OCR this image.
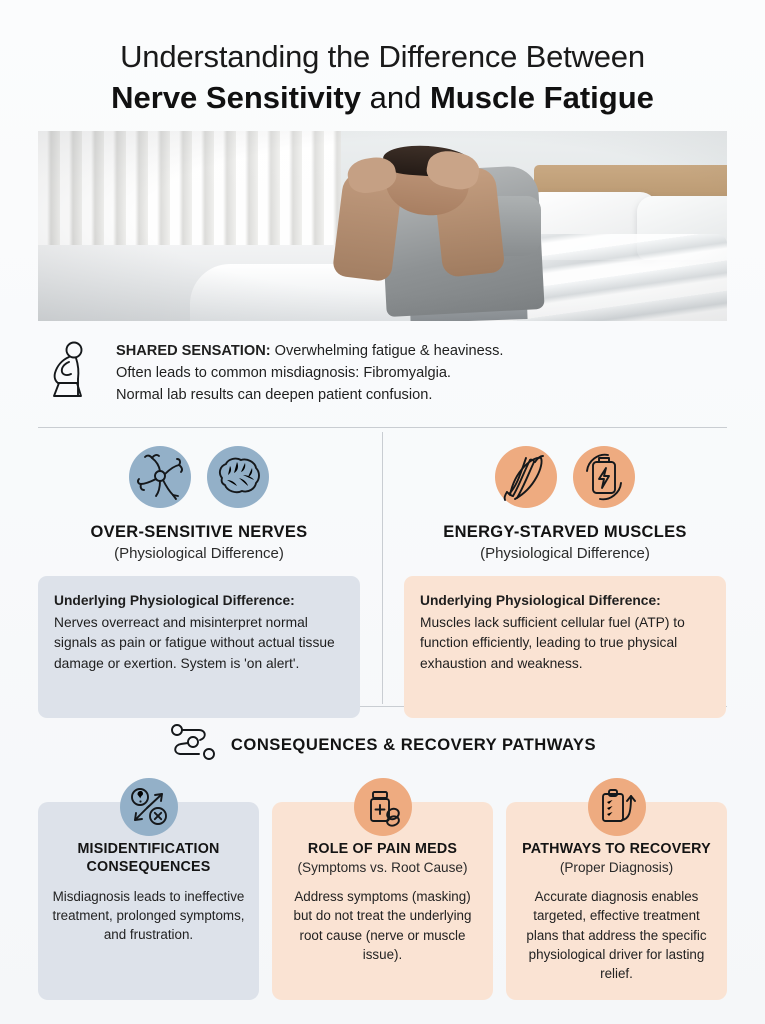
Understanding the Difference Between
Nerve Sensitivity and Muscle Fatigue
SHARED SENSATION: Overwhelming fatigue & heaviness.
Often leads to common misdiagnosis: Fibromyalgia.
Normal lab results can deepen patient confusion.
OVER-SENSITIVE NERVES
(Physiological Difference)
Underlying Physiological Difference:
Nerves overreact and misinterpret normal signals as pain or fatigue without actual tissue damage or exertion. System is 'on alert'.
ENERGY-STARVED MUSCLES
(Physiological Difference)
Underlying Physiological Difference:
Muscles lack sufficient cellular fuel (ATP) to function efficiently, leading to true physical exhaustion and weakness.
CONSEQUENCES & RECOVERY PATHWAYS
MISIDENTIFICATION
CONSEQUENCES
Misdiagnosis leads to ineffective treatment, prolonged symptoms, and frustration.
ROLE OF PAIN MEDS
(Symptoms vs. Root Cause)
Address symptoms (masking) but do not treat the underlying root cause (nerve or muscle issue).
PATHWAYS TO RECOVERY
(Proper Diagnosis)
Accurate diagnosis enables targeted, effective treatment plans that address the specific physiological driver for lasting relief.
